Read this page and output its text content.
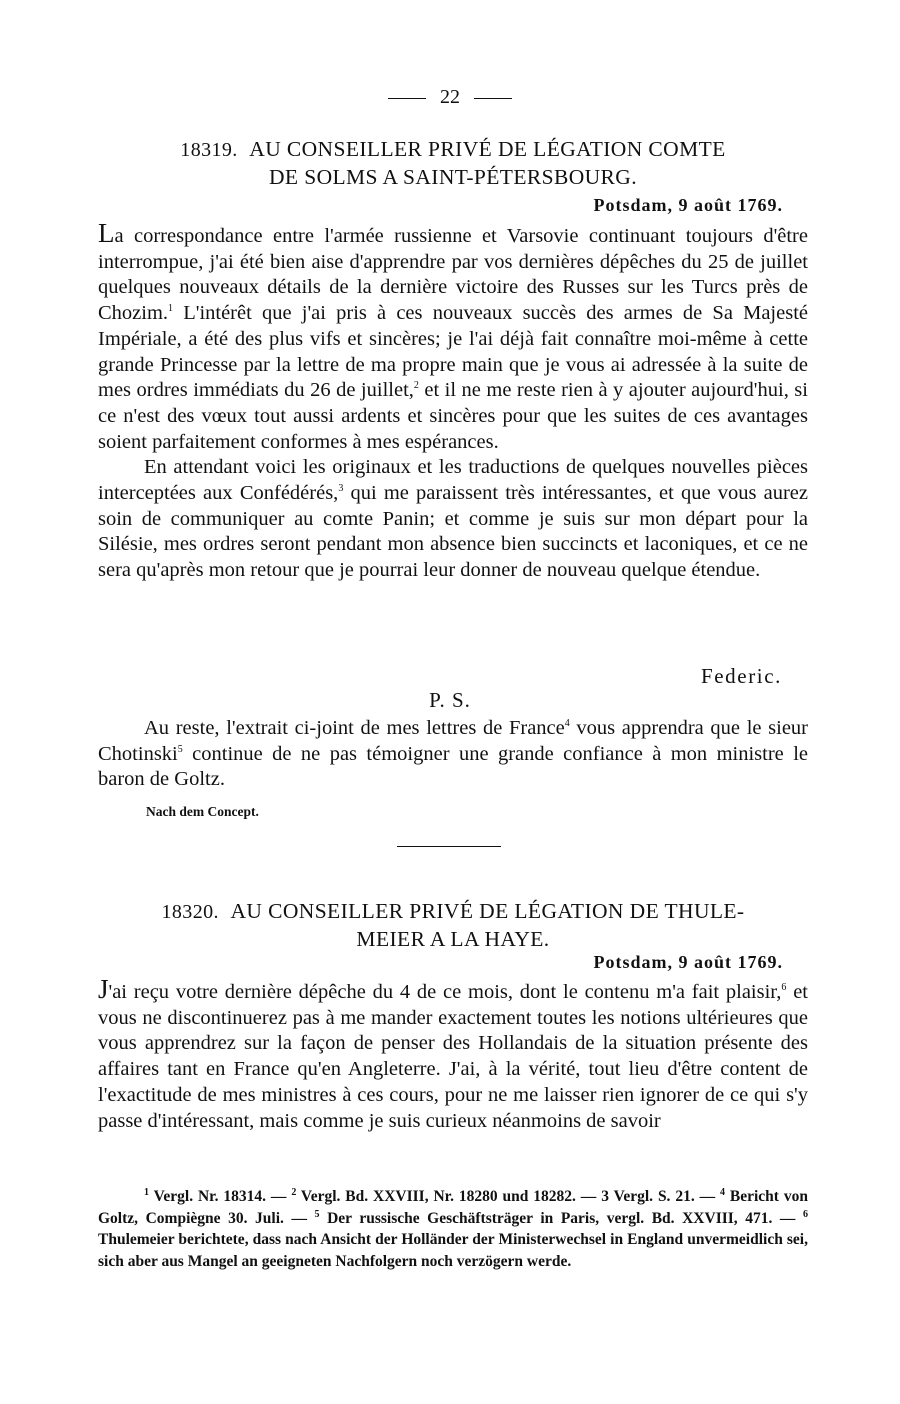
22
18319. AU CONSEILLER PRIVÉ DE LÉGATION COMTE
DE SOLMS A SAINT-PÉTERSBOURG.
Potsdam, 9 août 1769.

La correspondance entre l'armée russienne et Varsovie continuant toujours d'être interrompue, j'ai été bien aise d'apprendre par vos dernières dépêches du 25 de juillet quelques nouveaux détails de la dernière victoire des Russes sur les Turcs près de Chozim.$^1$ L'intérêt que j'ai pris à ces nouveaux succès des armes de Sa Majesté Impériale, a été des plus vifs et sincères; je l'ai déjà fait connaître moi-même à cette grande Princesse par la lettre de ma propre main que je vous ai adressée à la suite de mes ordres immédiats du 26 de juillet,$^2$ et il ne me reste rien à y ajouter aujourd'hui, si ce n'est des vœux tout aussi ardents et sincères pour que les suites de ces avantages soient parfaitement conformes à mes espérances.

En attendant voici les originaux et les traductions de quelques nouvelles pièces interceptées aux Confédérés,$^3$ qui me paraissent très intéressantes, et que vous aurez soin de communiquer au comte Panin; et comme je suis sur mon départ pour la Silésie, mes ordres seront pendant mon absence bien succincts et laconiques, et ce ne sera qu'après mon retour que je pourrai leur donner de nouveau quelque étendue.

Federic.
P. S.

Au reste, l'extrait ci-joint de mes lettres de France$^4$ vous apprendra que le sieur Chotinski$^5$ continue de ne pas témoigner une grande confiance à mon ministre le baron de Goltz.

Nach dem Concept.
18320. AU CONSEILLER PRIVÉ DE LÉGATION DE THULE-
MEIER A LA HAYE.
Potsdam, 9 août 1769.

J'ai reçu votre dernière dépêche du 4 de ce mois, dont le contenu m'a fait plaisir,$^6$ et vous ne discontinuerez pas à me mander exactement toutes les notions ultérieures que vous apprendrez sur la façon de penser des Hollandais de la situation présente des affaires tant en France qu'en Angleterre. J'ai, à la vérité, tout lieu d'être content de l'exactitude de mes ministres à ces cours, pour ne me laisser rien ignorer de ce qui s'y passe d'intéressant, mais comme je suis curieux néanmoins de savoir

$^1$ Vergl. Nr. 18314. — $^2$ Vergl. Bd. XXVIII, Nr. 18280 und 18282. — 3 Vergl. S. 21. — $^4$ Bericht von Goltz, Compiègne 30. Juli. — $^5$ Der russische Geschäftsträger in Paris, vergl. Bd. XXVIII, 471. — $^6$ Thulemeier berichtete, dass nach Ansicht der Holländer der Ministerwechsel in England unvermeidlich sei, sich aber aus Mangel an geeigneten Nachfolgern noch verzögern werde.
